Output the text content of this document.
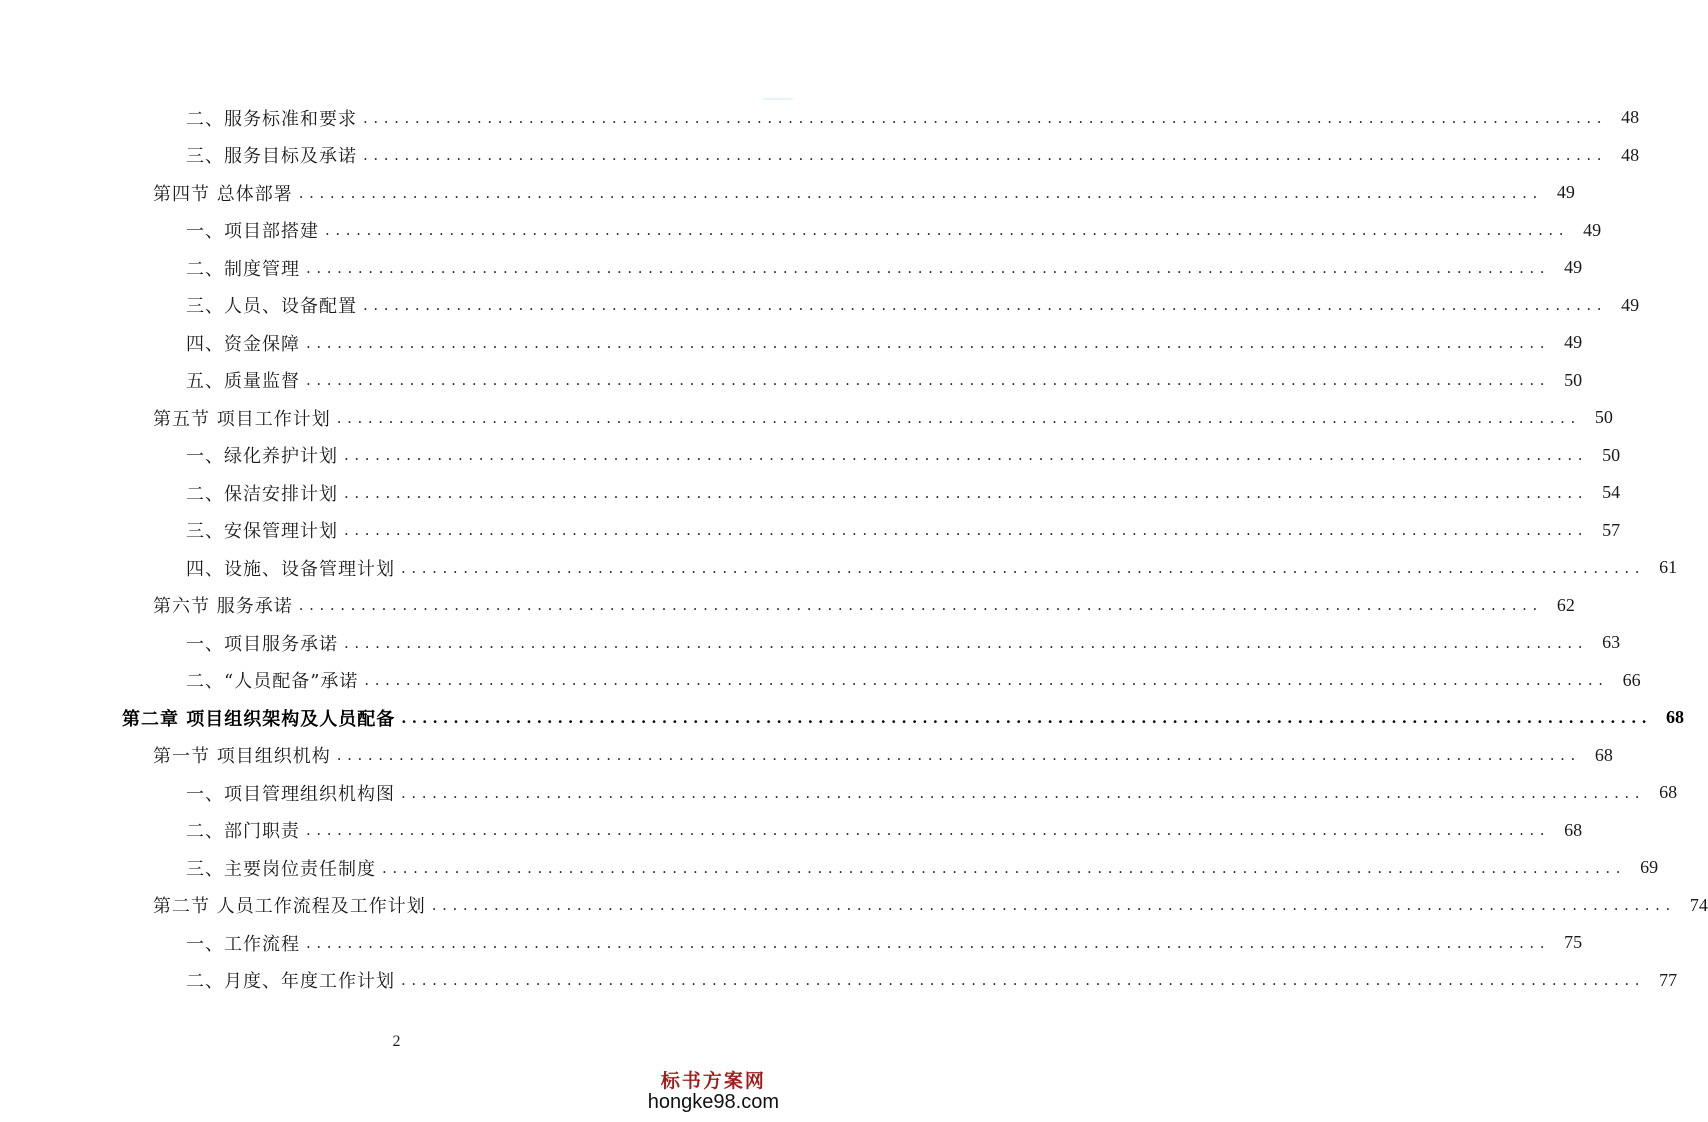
二、服务标准和要求 ........................................................................................................................ 48
三、服务目标及承诺 ........................................................................................................................ 48
第四节 总体部署 ........................................................................................................................ 49
一、项目部搭建 ........................................................................................................................ 49
二、制度管理 ........................................................................................................................ 49
三、人员、设备配置 ........................................................................................................................ 49
四、资金保障 ........................................................................................................................ 49
五、质量监督 ........................................................................................................................ 50
第五节 项目工作计划 ........................................................................................................................ 50
一、绿化养护计划 ........................................................................................................................ 50
二、保洁安排计划 ........................................................................................................................ 54
三、安保管理计划 ........................................................................................................................ 57
四、设施、设备管理计划 ........................................................................................................................ 61
第六节 服务承诺 ........................................................................................................................ 62
一、项目服务承诺 ........................................................................................................................ 63
二、“人员配备”承诺 ........................................................................................................................ 66
第二章 项目组织架构及人员配备 ........................................................................................................................ 68
第一节 项目组织机构 ........................................................................................................................ 68
一、项目管理组织机构图 ........................................................................................................................ 68
二、部门职责 ........................................................................................................................ 68
三、主要岗位责任制度 ........................................................................................................................ 69
第二节 人员工作流程及工作计划 ........................................................................................................................ 74
一、工作流程 ........................................................................................................................ 75
二、月度、年度工作计划 ........................................................................................................................ 77
2
标书方案网
hongke98.com
